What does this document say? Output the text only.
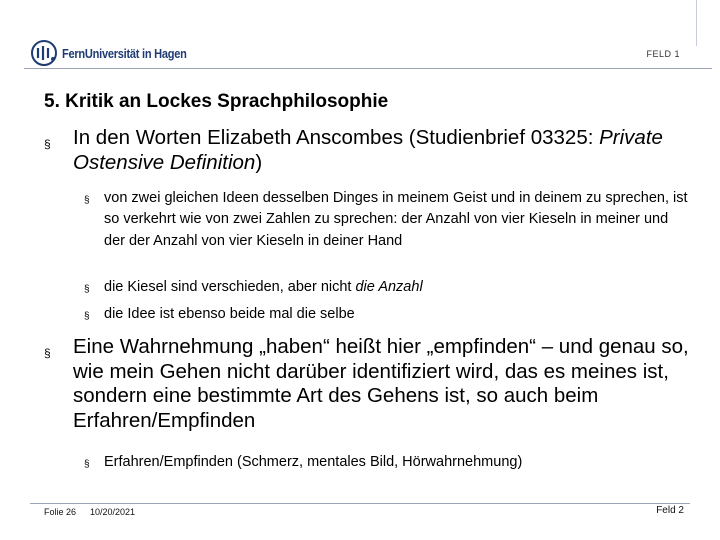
FernUniversität in Hagen	FELD 1
5. Kritik an Lockes Sprachphilosophie
§ In den Worten Elizabeth Anscombes (Studienbrief 03325: Private Ostensive Definition)
§ von zwei gleichen Ideen desselben Dinges in meinem Geist und in deinem zu sprechen, ist so verkehrt wie von zwei Zahlen zu sprechen: der Anzahl von vier Kieseln in meiner und der der Anzahl von vier Kieseln in deiner Hand
§ die Kiesel sind verschieden, aber nicht die Anzahl
§ die Idee ist ebenso beide mal die selbe
§ Eine Wahrnehmung „haben“ heißt hier „empfinden“ – und genau so, wie mein Gehen nicht darüber identifiziert wird, das es meines ist, sondern eine bestimmte Art des Gehens ist, so auch beim Erfahren/Empfinden
§ Erfahren/Empfinden (Schmerz, mentales Bild, Hörwahrnehmung)
Folie 26 10/20/2021	Feld 2
